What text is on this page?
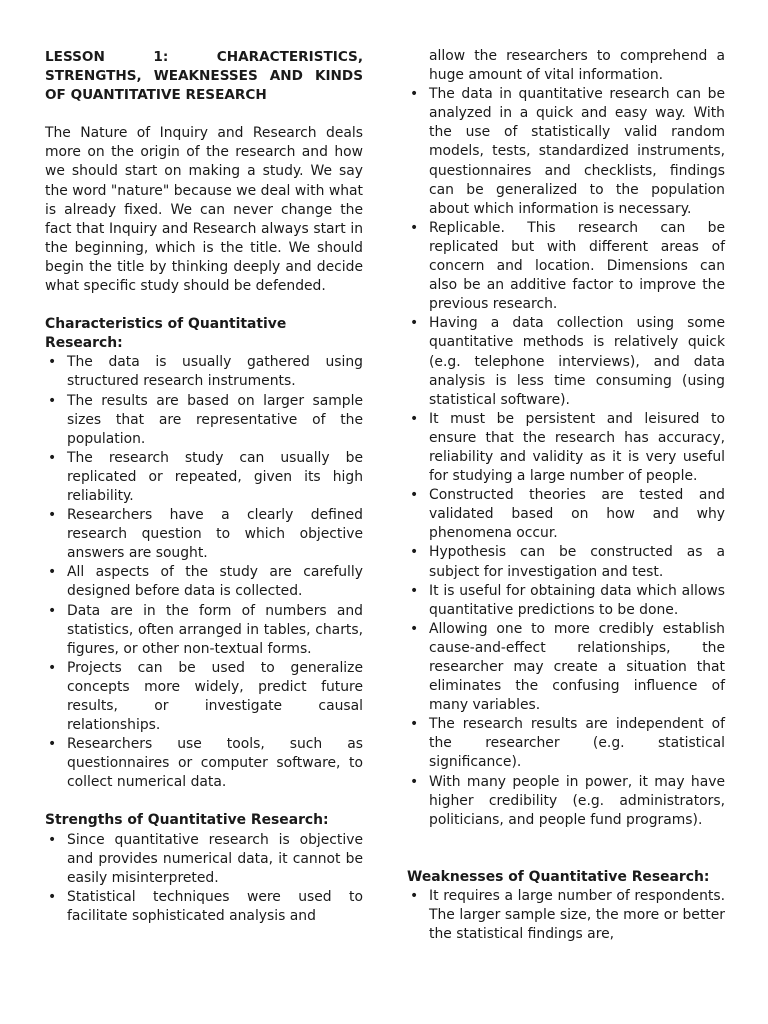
LESSON 1: CHARACTERISTICS, STRENGTHS, WEAKNESSES AND KINDS OF QUANTITATIVE RESEARCH

The Nature of Inquiry and Research deals more on the origin of the research and how we should start on making a study. We say the word "nature" because we deal with what is already fixed. We can never change the fact that Inquiry and Research always start in the beginning, which is the title. We should begin the title by thinking deeply and decide what specific study should be defended.

Characteristics of Quantitative Research:

• The data is usually gathered using structured research instruments.
• The results are based on larger sample sizes that are representative of the population.
• The research study can usually be replicated or repeated, given its high reliability.
• Researchers have a clearly defined research question to which objective answers are sought.
• All aspects of the study are carefully designed before data is collected.
• Data are in the form of numbers and statistics, often arranged in tables, charts, figures, or other non-textual forms.
• Projects can be used to generalize concepts more widely, predict future results, or investigate causal relationships.
• Researchers use tools, such as questionnaires or computer software, to collect numerical data.

Strengths of Quantitative Research:

• Since quantitative research is objective and provides numerical data, it cannot be easily misinterpreted.
• Statistical techniques were used to facilitate sophisticated analysis and
allow the researchers to comprehend a huge amount of vital information.
• The data in quantitative research can be analyzed in a quick and easy way. With the use of statistically valid random models, tests, standardized instruments, questionnaires and checklists, findings can be generalized to the population about which information is necessary.
• Replicable. This research can be replicated but with different areas of concern and location. Dimensions can also be an additive factor to improve the previous research.
• Having a data collection using some quantitative methods is relatively quick (e.g. telephone interviews), and data analysis is less time consuming (using statistical software).
• It must be persistent and leisured to ensure that the research has accuracy, reliability and validity as it is very useful for studying a large number of people.
• Constructed theories are tested and validated based on how and why phenomena occur.
• Hypothesis can be constructed as a subject for investigation and test.
• It is useful for obtaining data which allows quantitative predictions to be done.
• Allowing one to more credibly establish cause-and-effect relationships, the researcher may create a situation that eliminates the confusing influence of many variables.
• The research results are independent of the researcher (e.g. statistical significance).
• With many people in power, it may have higher credibility (e.g. administrators, politicians, and people fund programs).

Weaknesses of Quantitative Research:

• It requires a large number of respondents. The larger sample size, the more or better the statistical findings are,
